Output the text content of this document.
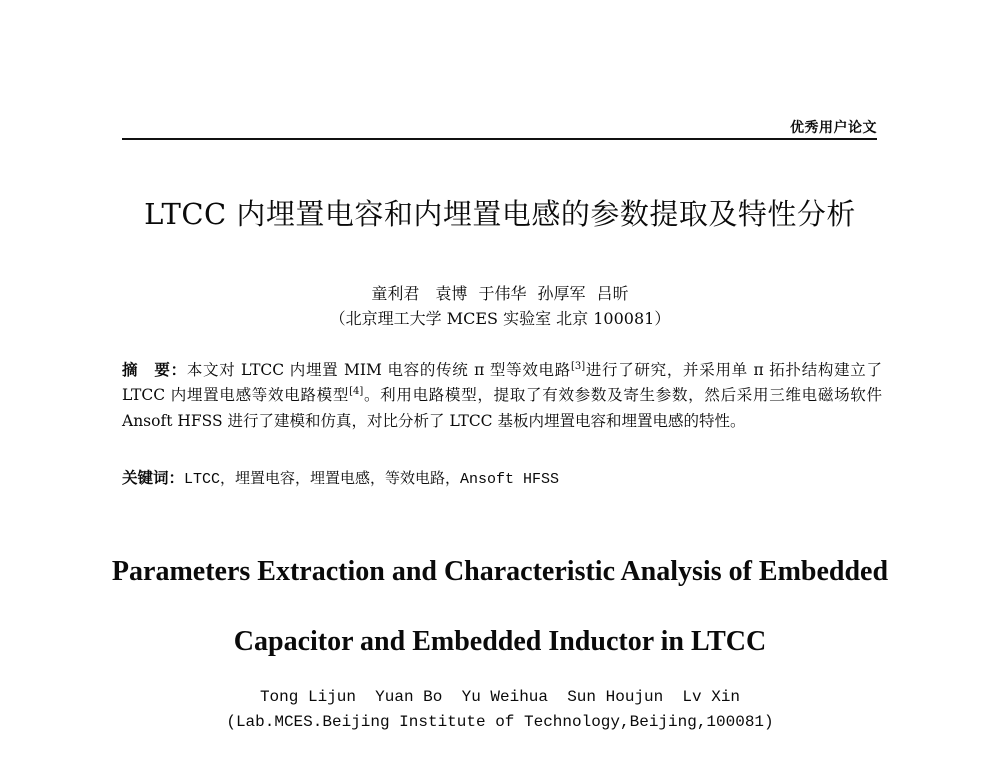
优秀用户论文
LTCC 内埋置电容和内埋置电感的参数提取及特性分析
童利君　袁博 于伟华 孙厚军 吕昕
（北京理工大学 MCES 实验室 北京 100081）
摘　要：本文对 LTCC 内埋置 MIM 电容的传统 π 型等效电路[3]进行了研究，并采用单 π 拓扑结构建立了 LTCC 内埋置电感等效电路模型[4]。利用电路模型，提取了有效参数及寄生参数，然后采用三维电磁场软件 Ansoft HFSS 进行了建模和仿真，对比分析了 LTCC 基板内埋置电容和埋置电感的特性。
关键词：LTCC，埋置电容，埋置电感，等效电路，Ansoft HFSS
Parameters Extraction and Characteristic Analysis of Embedded
Capacitor and Embedded Inductor in LTCC
Tong Lijun  Yuan Bo  Yu Weihua  Sun Houjun  Lv Xin
(Lab.MCES.Beijing Institute of Technology,Beijing,100081)
